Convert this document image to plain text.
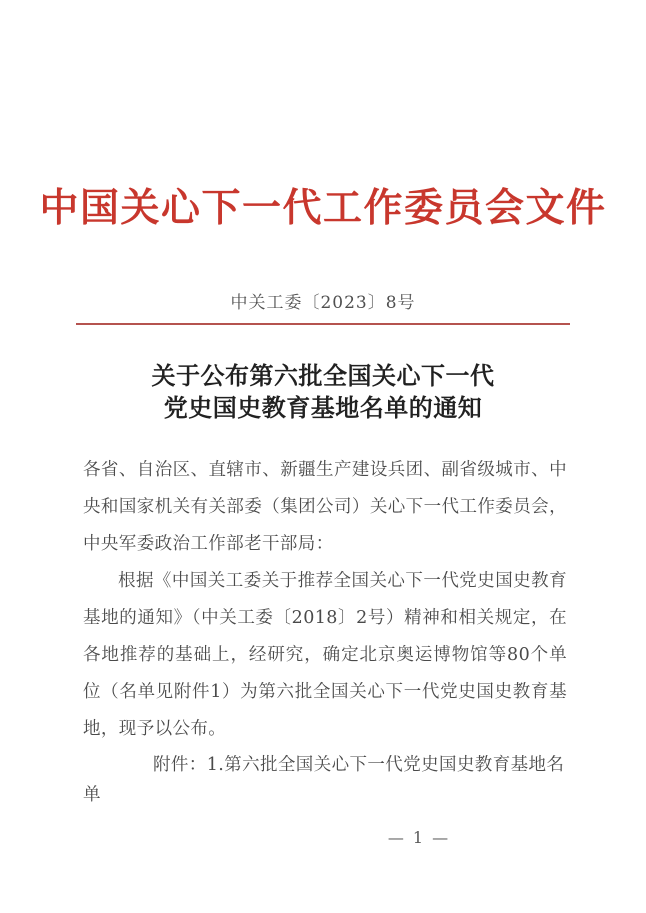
中国关心下一代工作委员会文件
中关工委〔2023〕8号
关于公布第六批全国关心下一代
党史国史教育基地名单的通知

各省、自治区、直辖市、新疆生产建设兵团、副省级城市、中央和国家机关有关部委（集团公司）关心下一代工作委员会，中央军委政治工作部老干部局：

根据《中国关工委关于推荐全国关心下一代党史国史教育基地的通知》（中关工委〔2018〕2号）精神和相关规定，在各地推荐的基础上，经研究，确定北京奥运博物馆等80个单位（名单见附件1）为第六批全国关心下一代党史国史教育基地，现予以公布。

附件：1.第六批全国关心下一代党史国史教育基地名单
— 1 —
